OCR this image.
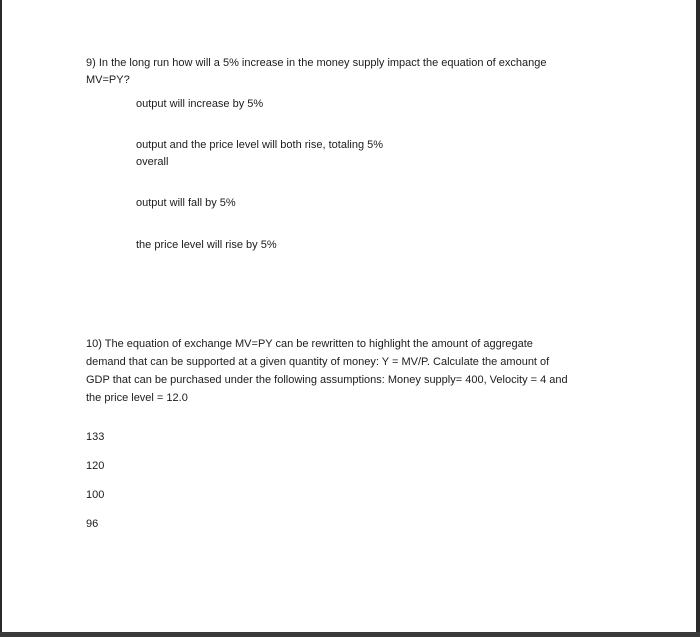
9) In the long run how will a 5% increase in the money supply impact the equation of exchange
MV=PY?
output will increase by 5%
output and the price level will both rise, totaling 5%
overall
output will fall by 5%
the price level will rise by 5%
10) The equation of exchange MV=PY can be rewritten to highlight the amount of aggregate
demand that can be supported at a given quantity of money: Y = MV/P. Calculate the amount of
GDP that can be purchased under the following assumptions: Money supply= 400, Velocity = 4 and
the price level = 12.0
133
120
100
96
